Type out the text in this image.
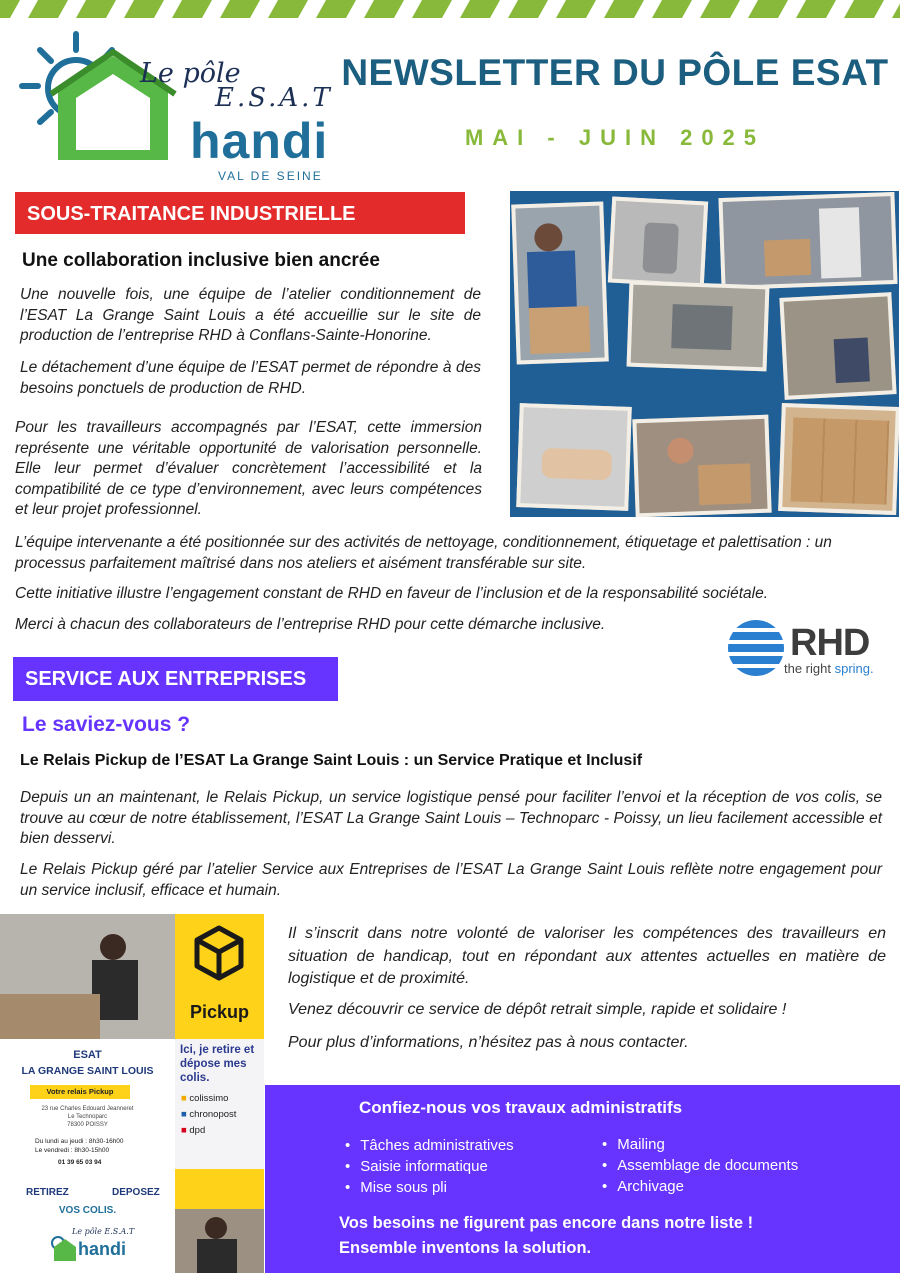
Le pôle
E.S.A.T
handi
VAL DE SEINE
NEWSLETTER DU PÔLE ESAT
MAI - JUIN 2025
SOUS-TRAITANCE INDUSTRIELLE
Une collaboration inclusive bien ancrée
Une nouvelle fois, une équipe de l’atelier conditionnement de l’ESAT La Grange Saint Louis a été accueillie sur le site de production de l’entreprise RHD à Conflans-Sainte-Honorine.
Le détachement d’une équipe de l’ESAT permet de répondre à des besoins ponctuels de production de RHD.
Pour les travailleurs accompagnés par l’ESAT, cette immersion représente une véritable opportunité de valorisation personnelle. Elle leur permet d’évaluer concrètement l’accessibilité et la compatibilité de ce type d’environnement, avec leurs compétences et leur projet professionnel.
L’équipe intervenante a été positionnée sur des activités de nettoyage, conditionnement, étiquetage et palettisation : un processus parfaitement maîtrisé dans nos ateliers et aisément transférable sur site.
Cette initiative illustre l’engagement constant de RHD en faveur de l’inclusion et de la responsabilité sociétale.
Merci à chacun des collaborateurs de l’entreprise RHD pour cette démarche inclusive.	RHD
the right spring.
SERVICE AUX ENTREPRISES
Le saviez-vous ?
Le Relais Pickup de l’ESAT La Grange Saint Louis : un Service Pratique et Inclusif
Depuis un an maintenant, le Relais Pickup, un service logistique pensé pour faciliter l’envoi et la réception de vos colis, se trouve au cœur de notre établissement, l’ESAT La Grange Saint Louis – Technoparc - Poissy, un lieu facilement accessible et bien desservi.
Le Relais Pickup géré par l’atelier Service aux Entreprises de l’ESAT La Grange Saint Louis reflète notre engagement pour un service inclusif, efficace et humain.
Pickup
Ici, je retire et dépose mes colis.
■ colissimo
■ chronopost
■ dpd
ESAT
LA GRANGE SAINT LOUIS
Votre relais Pickup
23 rue Charles Edouard Jeanneret
Le Technoparc
78300 POISSY
Du lundi au jeudi : 8h30-16h00
Le vendredi : 8h30-15h00
01 39 65 03 94
RETIREZ	DEPOSEZ
VOS COLIS.
Le pôle E.S.A.T
handi
Il s’inscrit dans notre volonté de valoriser les compétences des travailleurs en situation de handicap, tout en répondant aux attentes actuelles en matière de logistique et de proximité.
Venez découvrir ce service de dépôt retrait simple, rapide et solidaire !
Pour plus d’informations, n’hésitez pas à nous contacter.
Confiez-nous vos travaux administratifs
• Tâches administratives
• Saisie informatique
• Mise sous pli
• Mailing
• Assemblage de documents
• Archivage
Vos besoins ne figurent pas encore dans notre liste !
Ensemble inventons la solution.
